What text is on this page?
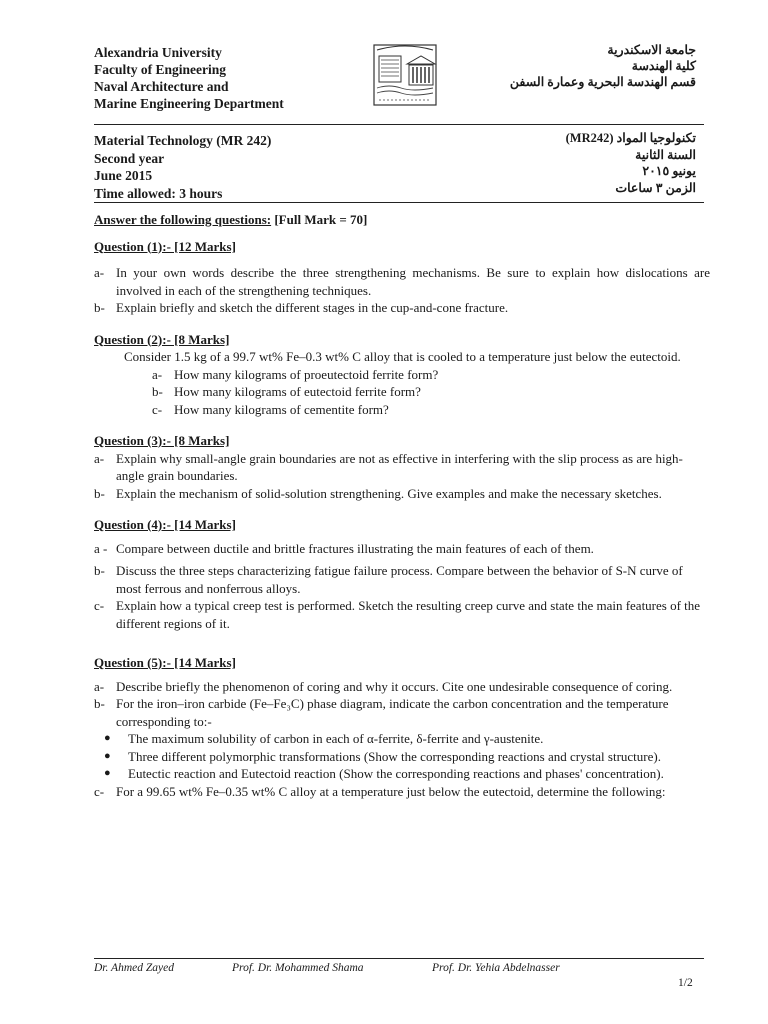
Alexandria University
Faculty of Engineering
Naval Architecture and
Marine Engineering Department
جامعة الاسكندرية
كلية الهندسة
قسم الهندسة البحرية وعمارة السفن
Material Technology (MR 242)
Second year
June 2015
Time allowed: 3 hours
تكنولوجيا المواد (MR242)
السنة الثانية
يونيو ٢٠١٥
الزمن ٣ ساعات
Answer the following questions: [Full Mark = 70]
Question (1):- [12 Marks]
a- In your own words describe the three strengthening mechanisms. Be sure to explain how dislocations are involved in each of the strengthening techniques.
b- Explain briefly and sketch the different stages in the cup-and-cone fracture.
Question (2):- [8 Marks]
Consider 1.5 kg of a 99.7 wt% Fe–0.3 wt% C alloy that is cooled to a temperature just below the eutectoid.
a- How many kilograms of proeutectoid ferrite form?
b- How many kilograms of eutectoid ferrite form?
c- How many kilograms of cementite form?
Question (3):- [8 Marks]
a- Explain why small-angle grain boundaries are not as effective in interfering with the slip process as are high-angle grain boundaries.
b- Explain the mechanism of solid-solution strengthening. Give examples and make the necessary sketches.
Question (4):- [14 Marks]
a - Compare between ductile and brittle fractures illustrating the main features of each of them.
b- Discuss the three steps characterizing fatigue failure process. Compare between the behavior of S-N curve of most ferrous and nonferrous alloys.
c- Explain how a typical creep test is performed. Sketch the resulting creep curve and state the main features of the different regions of it.
Question (5):- [14 Marks]
a- Describe briefly the phenomenon of coring and why it occurs. Cite one undesirable consequence of coring.
b- For the iron–iron carbide (Fe–Fe₃C) phase diagram, indicate the carbon concentration and the temperature corresponding to:-
●	The maximum solubility of carbon in each of α-ferrite, δ-ferrite and γ-austenite.
●	Three different polymorphic transformations (Show the corresponding reactions and crystal structure).
●	Eutectic reaction and Eutectoid reaction (Show the corresponding reactions and phases' concentration).
c- For a 99.65 wt% Fe–0.35 wt% C alloy at a temperature just below the eutectoid, determine the following:
Dr. Ahmed Zayed	Prof. Dr. Mohammed Shama	Prof. Dr. Yehia Abdelnasser
1/2
